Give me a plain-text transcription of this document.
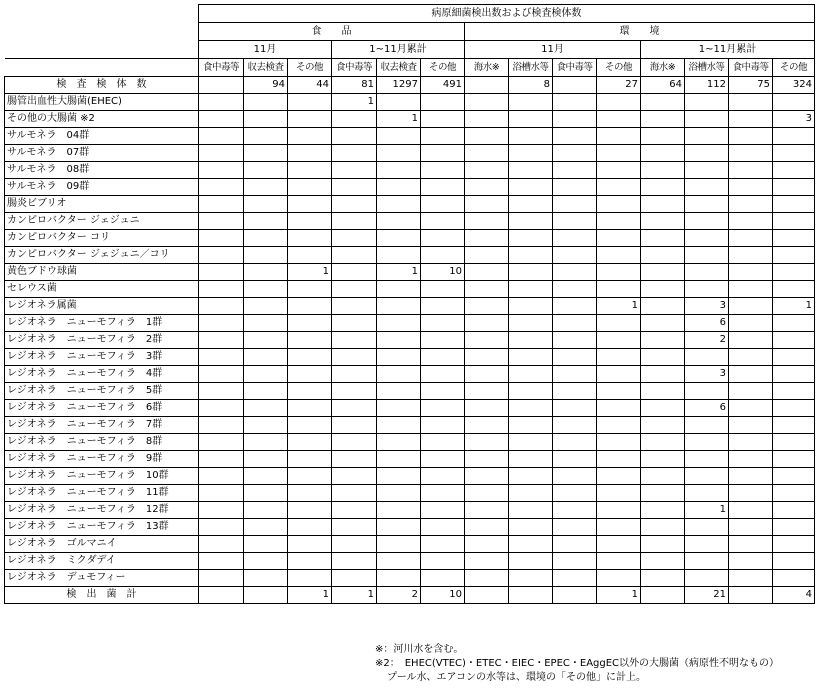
	病原細菌検出数および検査検体数													
	食　　品						環　　境							
	11月			1~11月累計			11月				1~11月累計			
	食中毒等	収去検査	その他	食中毒等	収去検査	その他	海水※	浴槽水等	食中毒等	その他	海水※	浴槽水等	食中毒等	その他
検　査　検　体　数		94	44	81	1297	491		8		27	64	112	75	324
腸管出血性大腸菌(EHEC)				1										
その他の大腸菌 ※2					1									3
サルモネラ　04群														
サルモネラ　07群														
サルモネラ　08群														
サルモネラ　09群														
腸炎ビブリオ														
カンピロバクター ジェジュニ														
カンピロバクター コリ														
カンピロバクター ジェジュニ／コリ														
黄色ブドウ球菌			1		1	10								
セレウス菌														
レジオネラ属菌										1		3		1
レジオネラ　ニューモフィラ　1群												6		
レジオネラ　ニューモフィラ　2群												2		
レジオネラ　ニューモフィラ　3群														
レジオネラ　ニューモフィラ　4群												3		
レジオネラ　ニューモフィラ　5群														
レジオネラ　ニューモフィラ　6群												6		
レジオネラ　ニューモフィラ　7群														
レジオネラ　ニューモフィラ　8群														
レジオネラ　ニューモフィラ　9群														
レジオネラ　ニューモフィラ　10群														
レジオネラ　ニューモフィラ　11群														
レジオネラ　ニューモフィラ　12群												1		
レジオネラ　ニューモフィラ　13群														
レジオネラ　ゴルマニイ														
レジオネラ　ミクダデイ														
レジオネラ　デュモフィー														
検　出　菌　計			1	1	2	10				1		21		4
※：河川水を含む。
※2：　EHEC(VTEC)・ETEC・EIEC・EPEC・EAggEC以外の大腸菌（病原性不明なもの）
プール水、エアコンの水等は、環境の「その他」に計上。
